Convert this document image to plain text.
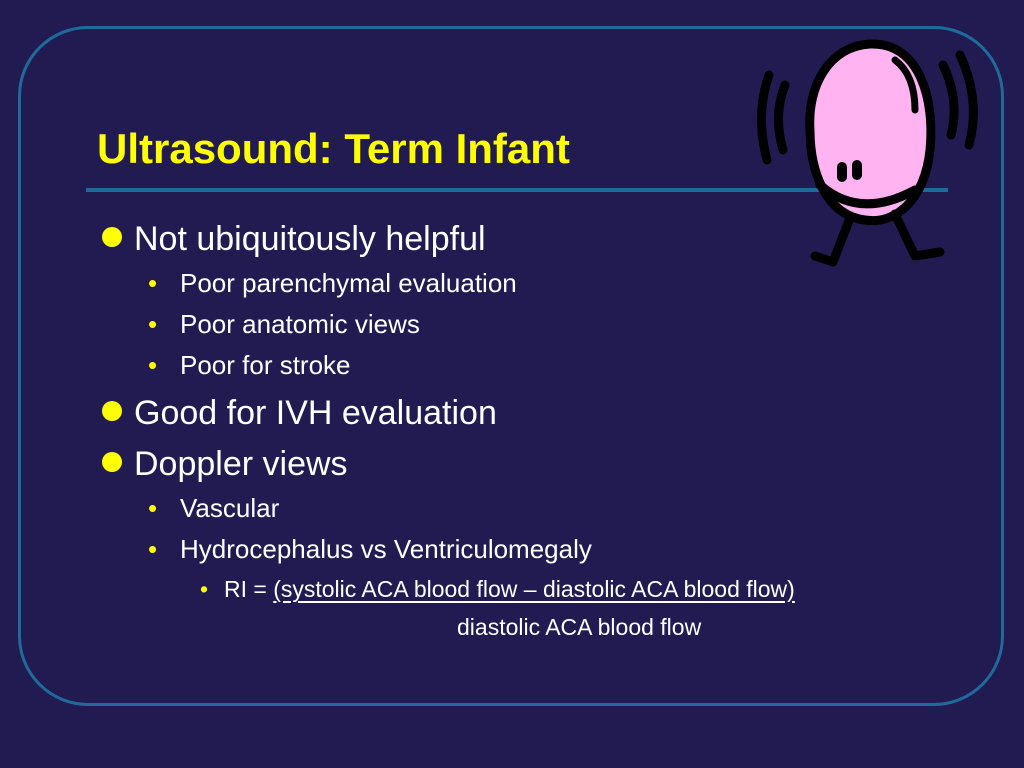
Ultrasound: Term Infant
Not ubiquitously helpful
• Poor parenchymal evaluation
• Poor anatomic views
• Poor for stroke
Good for IVH evaluation
Doppler views
• Vascular
• Hydrocephalus vs Ventriculomegaly
• RI = (systolic ACA blood flow – diastolic ACA blood flow)
diastolic ACA blood flow
